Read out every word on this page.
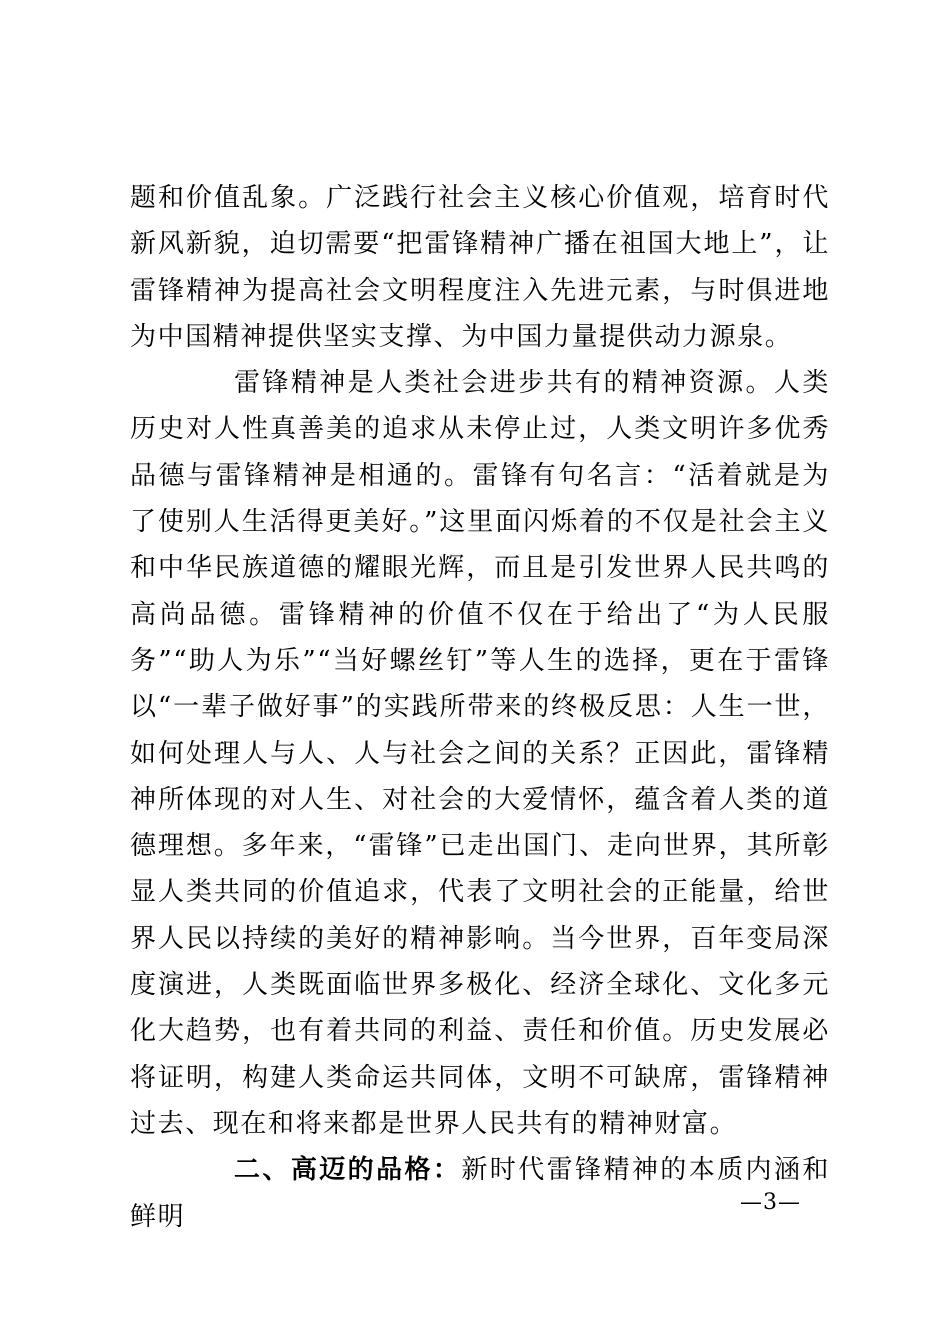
题和价值乱象。广泛践行社会主义核心价值观，培育时代新风新貌，迫切需要“把雷锋精神广播在祖国大地上”，让雷锋精神为提高社会文明程度注入先进元素，与时俱进地为中国精神提供坚实支撑、为中国力量提供动力源泉。

雷锋精神是人类社会进步共有的精神资源。人类历史对人性真善美的追求从未停止过，人类文明许多优秀品德与雷锋精神是相通的。雷锋有句名言：“活着就是为了使别人生活得更美好。”这里面闪烁着的不仅是社会主义和中华民族道德的耀眼光辉，而且是引发世界人民共鸣的高尚品德。雷锋精神的价值不仅在于给出了“为人民服务”“助人为乐”“当好螺丝钉”等人生的选择，更在于雷锋以“一辈子做好事”的实践所带来的终极反思：人生一世，如何处理人与人、人与社会之间的关系？正因此，雷锋精神所体现的对人生、对社会的大爱情怀，蕴含着人类的道德理想。多年来，“雷锋”已走出国门、走向世界，其所彰显人类共同的价值追求，代表了文明社会的正能量，给世界人民以持续的美好的精神影响。当今世界，百年变局深度演进，人类既面临世界多极化、经济全球化、文化多元化大趋势，也有着共同的利益、责任和价值。历史发展必将证明，构建人类命运共同体，文明不可缺席，雷锋精神过去、现在和将来都是世界人民共有的精神财富。

二、高迈的品格：新时代雷锋精神的本质内涵和鲜明	—3—
